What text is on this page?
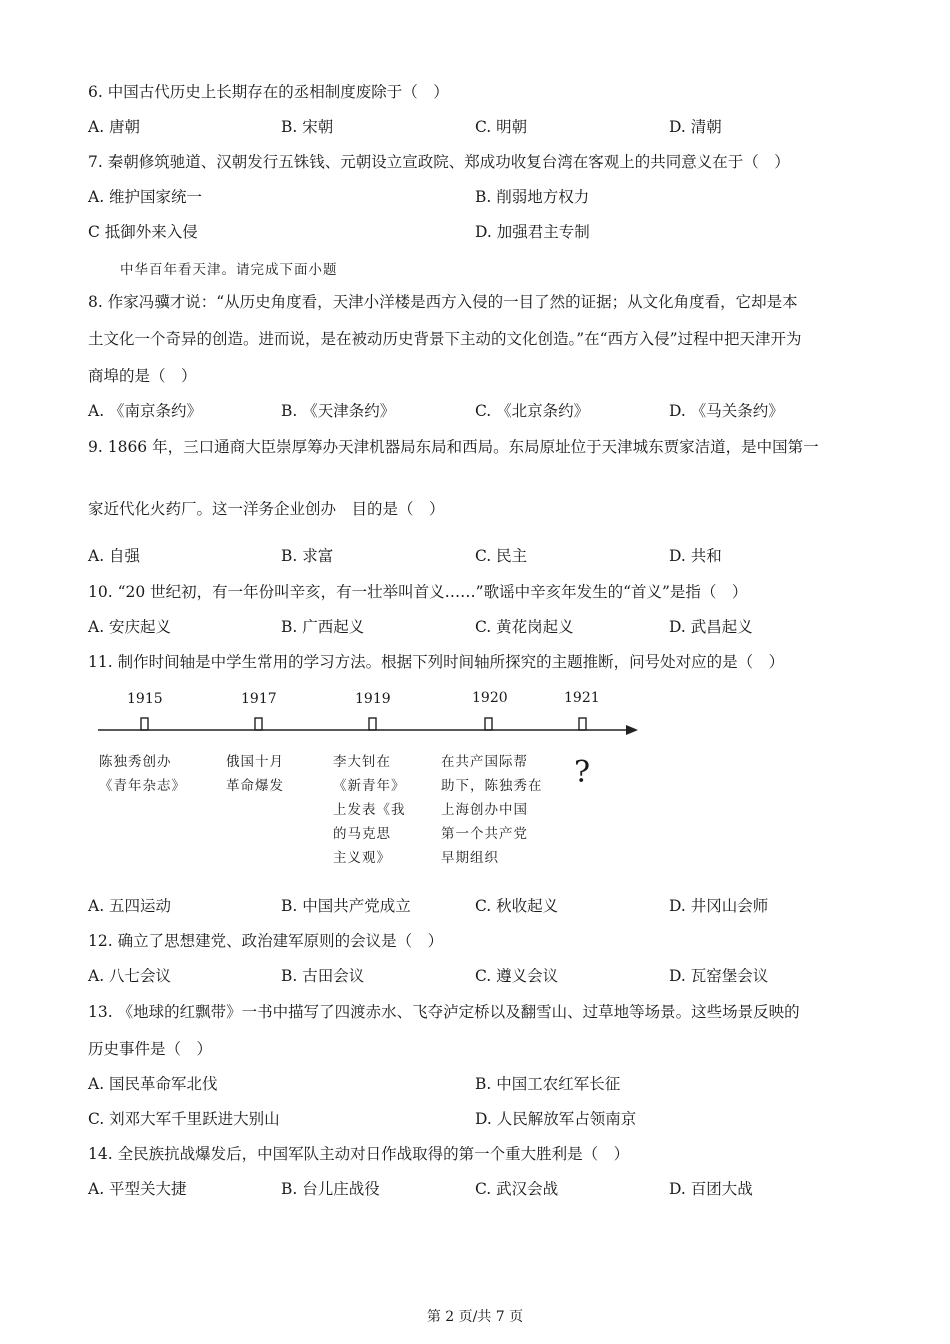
6. 中国古代历史上长期存在的丞相制度废除于（　）
A. 唐朝	B. 宋朝	C. 明朝	D. 清朝
7. 秦朝修筑驰道、汉朝发行五铢钱、元朝设立宣政院、郑成功收复台湾在客观上的共同意义在于（　）
A. 维护国家统一	B. 削弱地方权力
C 抵御外来入侵	D. 加强君主专制
中华百年看天津。请完成下面小题
8. 作家冯骥才说：“从历史角度看，天津小洋楼是西方入侵的一目了然的证据；从文化角度看，它却是本
土文化一个奇异的创造。进而说，是在被动历史背景下主动的文化创造。”在“西方入侵”过程中把天津开为
商埠的是（　）
A. 《南京条约》	B. 《天津条约》	C. 《北京条约》	D. 《马关条约》
9. 1866 年，三口通商大臣崇厚筹办天津机器局东局和西局。东局原址位于天津城东贾家洁道，是中国第一
家近代化火药厂。这一洋务企业创办　目的是（　）
A. 自强	B. 求富	C. 民主	D. 共和
10. “20 世纪初，有一年份叫辛亥，有一壮举叫首义……”歌谣中辛亥年发生的“首义”是指（　）
A. 安庆起义	B. 广西起义	C. 黄花岗起义	D. 武昌起义
11. 制作时间轴是中学生常用的学习方法。根据下列时间轴所探究的主题推断，问号处对应的是（　）
1915	1917	1919	1920	1921
陈独秀创办
《青年杂志》
俄国十月
革命爆发
李大钊在
《新青年》
上发表《我
的马克思
主义观》
在共产国际帮
助下，陈独秀在
上海创办中国
第一个共产党
早期组织
?
A. 五四运动	B. 中国共产党成立	C. 秋收起义	D. 井冈山会师
12. 确立了思想建党、政治建军原则的会议是（　）
A. 八七会议	B. 古田会议	C. 遵义会议	D. 瓦窑堡会议
13. 《地球的红飘带》一书中描写了四渡赤水、飞夺泸定桥以及翻雪山、过草地等场景。这些场景反映的
历史事件是（　）
A. 国民革命军北伐	B. 中国工农红军长征
C. 刘邓大军千里跃进大别山	D. 人民解放军占领南京
14. 全民族抗战爆发后，中国军队主动对日作战取得的第一个重大胜利是（　）
A. 平型关大捷	B. 台儿庄战役	C. 武汉会战	D. 百团大战
第 2 页/共 7 页
